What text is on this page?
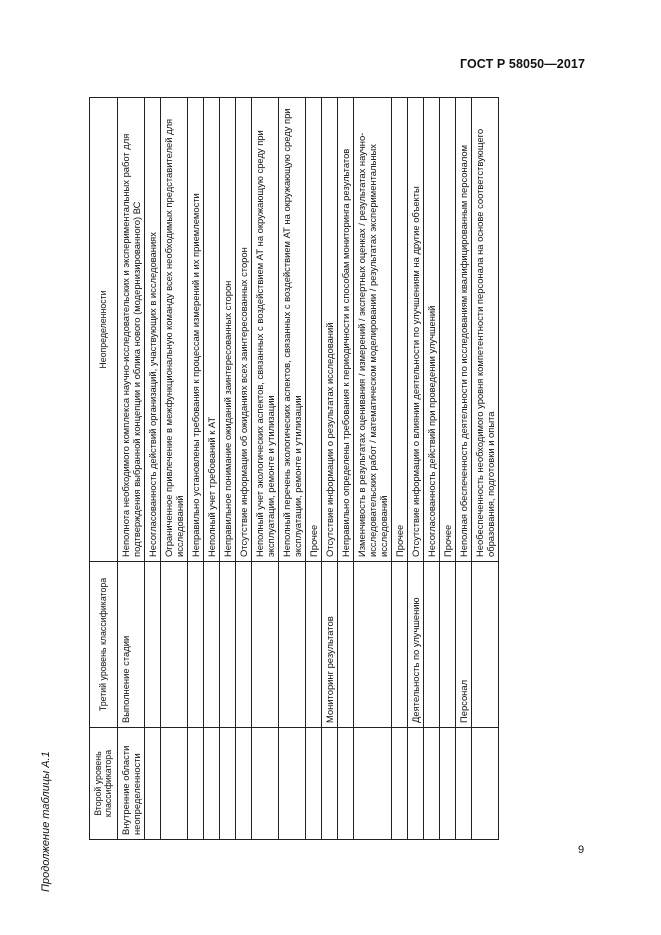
ГОСТ Р 58050—2017
Продолжение таблицы А.1	Второй уровень классификатора	Третий уровень классификатора	Неопределенности
Внутренние области неопределенности	Выполнение стадии	Неполнота необходимого комплекса научно-исследовательских и экспериментальных работ для подтверждения выбранной концепции и облика нового (модернизированного) ВС
		Несогласованность действий организаций, участвующих в исследованиях
		Ограниченное привлечение в межфункциональную команду всех необходимых представителей для исследований
		Неправильно установлены требования к процессам измерений и их приемлемости
		Неполный учет требований к АТ
		Неправильное понимание ожиданий заинтересованных сторон
		Отсутствие информации об ожиданиях всех заинтересованных сторон
		Неполный учет экологических аспектов, связанных с воздействием АТ на окружающую среду при эксплуатации, ремонте и утилизации
		Неполный перечень экологических аспектов, связанных с воздействием АТ на окружающую среду при эксплуатации, ремонте и утилизации
		Прочее
	Мониторинг результатов	Отсутствие информации о результатах исследований
		Неправильно определены требования к периодичности и способам мониторинга результатов
		Изменчивость в результатах оценивания / измерений / экспертных оценках / результатах научно-исследовательских работ / математическом моделировании / результатах экспериментальных исследований
		Прочее
	Деятельность по улучшению	Отсутствие информации о влиянии деятельности по улучшениям на другие объекты
		Несогласованность действий при проведении улучшений
		Прочее
	Персонал	Неполная обеспеченность деятельности по исследованиям квалифицированным персоналом
		Необеспеченность необходимого уровня компетентности персонала на основе соответствующего образования, подготовки и опыта
9
